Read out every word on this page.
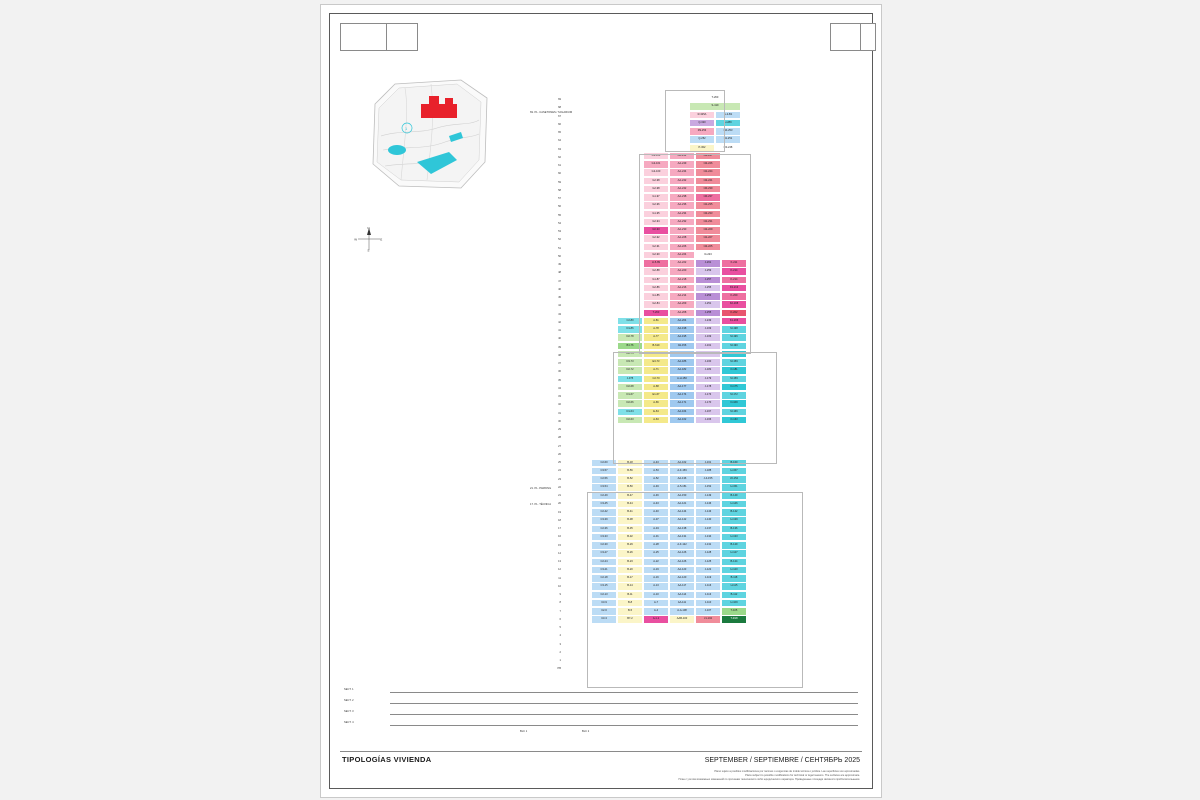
1
N
S
E
W
69
68
67
66
65
64
63
62
61
60
59
58
57
56
55
54
53
52
51
50
49
48
47
46
45
44
43
42
41
40
39
38
37
36
35
34
33
32
31
30
29
28
27
26
25
24
23
22
21
20
19
18
17
16
15
14
13
12
11
10
9
8
7
6
5
4
3
2
1
PB
69. PL. CASETONES / SOLARIUM
21. PL. PARKING
17. PL. TÉCNICA
T-260
S-419
R-325A	G-2-B1
Q-320	H-289
R9-253	I10-253
Q-252	H1-251
P-302	O0-248
G2-103	AA-242	I41-247
G2-101	AA-249	I42-246
G2-100	AA-244	I41-244
G2-98	AA-242	I42-241
G2-98	AA-242	I40-239
G1-97	AA-238	I40-237
G2-96	AA-236	I41-235
G1-95	AA-234	I42-233
G2-94	AA-232	I41-231
G0-93	AA-230	I42-229
G2-92	AA-228	I41-227
G2-91	AA-226	I42-225
G2-90	AA-224	I4-223
H-5-89	AA-222	J-261	K-211
G2-88	AA-220	J-259	K-214
G1-87	AA-218	J-257	K-214
G2-86	AA-216	J-255	K3-213
G1-85	AA-214	J-253	K-209
G2-84	AA-209	J-251	K2-208
T-263	AA-208	J-255	K-202
C2-80	A-81	AA-204	J-249	K1-206
D1-86	A-78	AA-198	J-169	M-198
D2-78	A-77	AA-195	J-169	M-196
B4-76	B-619	I11-156	J-161	M-190
D2-75	A-73	I-5-159	J-196	O-187
D3-73	E3-73	AA-186	J-160	M-159
D2-72	A-71	AA-182	J-182	O-181
J-075	C2-70	A-H-150	J-179	M-159
D2-68	A-68	AA-177	J-178	N-175
D1-67	E1-67	AA-174	J-173	M-172
D2-66	A-66	AA-171	J-170	N-169
D1-64	E-64	AA-164	J-167	M-166
D2-63	A-63	AA-162	J-166	O-163
C2-60	B-18	A-43	AA-162	J-161	B-160
C3-57	B-56	A-53	A-F-159	J-188	H-157
C2-56	B-52	A-52	AA-136	J-4-155	J0-154
C3-54	B-50	A-49	A-5-151	J-152	H-151
C2-49	B-47	A-46	AA-150	J-149	B-149
C3-45	B-44	A-43	AA-121	J-146	H-146
C2-42	B-41	A-40	AA-144	J-143	B-142
C3-39	B-38	A-37	AA-142	J-140	H-139
C2-36	B-35	A-34	AA-138	J-137	B-136
C3-33	B-32	A-31	AA-131	J-134	H-133
C2-30	B-29	A-28	A-F-122	J-131	B-129
C3-27	B-26	A-25	AA-126	J-128	H-127
C2-24	B-23	A-22	AA-126	J-125	B-124
C3-21	B-20	A-19	AA-123	J-122	H-120
C2-18	B-17	A-16	AA-120	J-119	B-118
C3-15	B-14	A-13	AA-117	J-116	H-115
C2-13	B-11	A-10	AA-114	J-113	B-112
C3-9	B-8	A-7	AA-111	J-110	H-109
C2-6	B-5	A-4	A-A-108	J-107	T-105
C3-3	B7-2	A-1-1	AAB-100	J1-104	T-R18
SECT. 1
SECT. 2
SECT. 3
SECT. 4
BLC 1	BLC 2
TIPOLOGÍAS VIVIENDA	SEPTEMBER / SEPTIEMBRE / СЕНТЯБРЬ 2025
Plano sujeto a posibles modificaciones por razones o exigencias de índole técnica o jurídica. Las superficies son aproximadas.
Plans subject to possible modifications for technical or legal reasons. The surfaces are approximate.
План с учетом возможных изменений по причинам технического либо юридического характера. Приведенные площади являются приблизительными.
